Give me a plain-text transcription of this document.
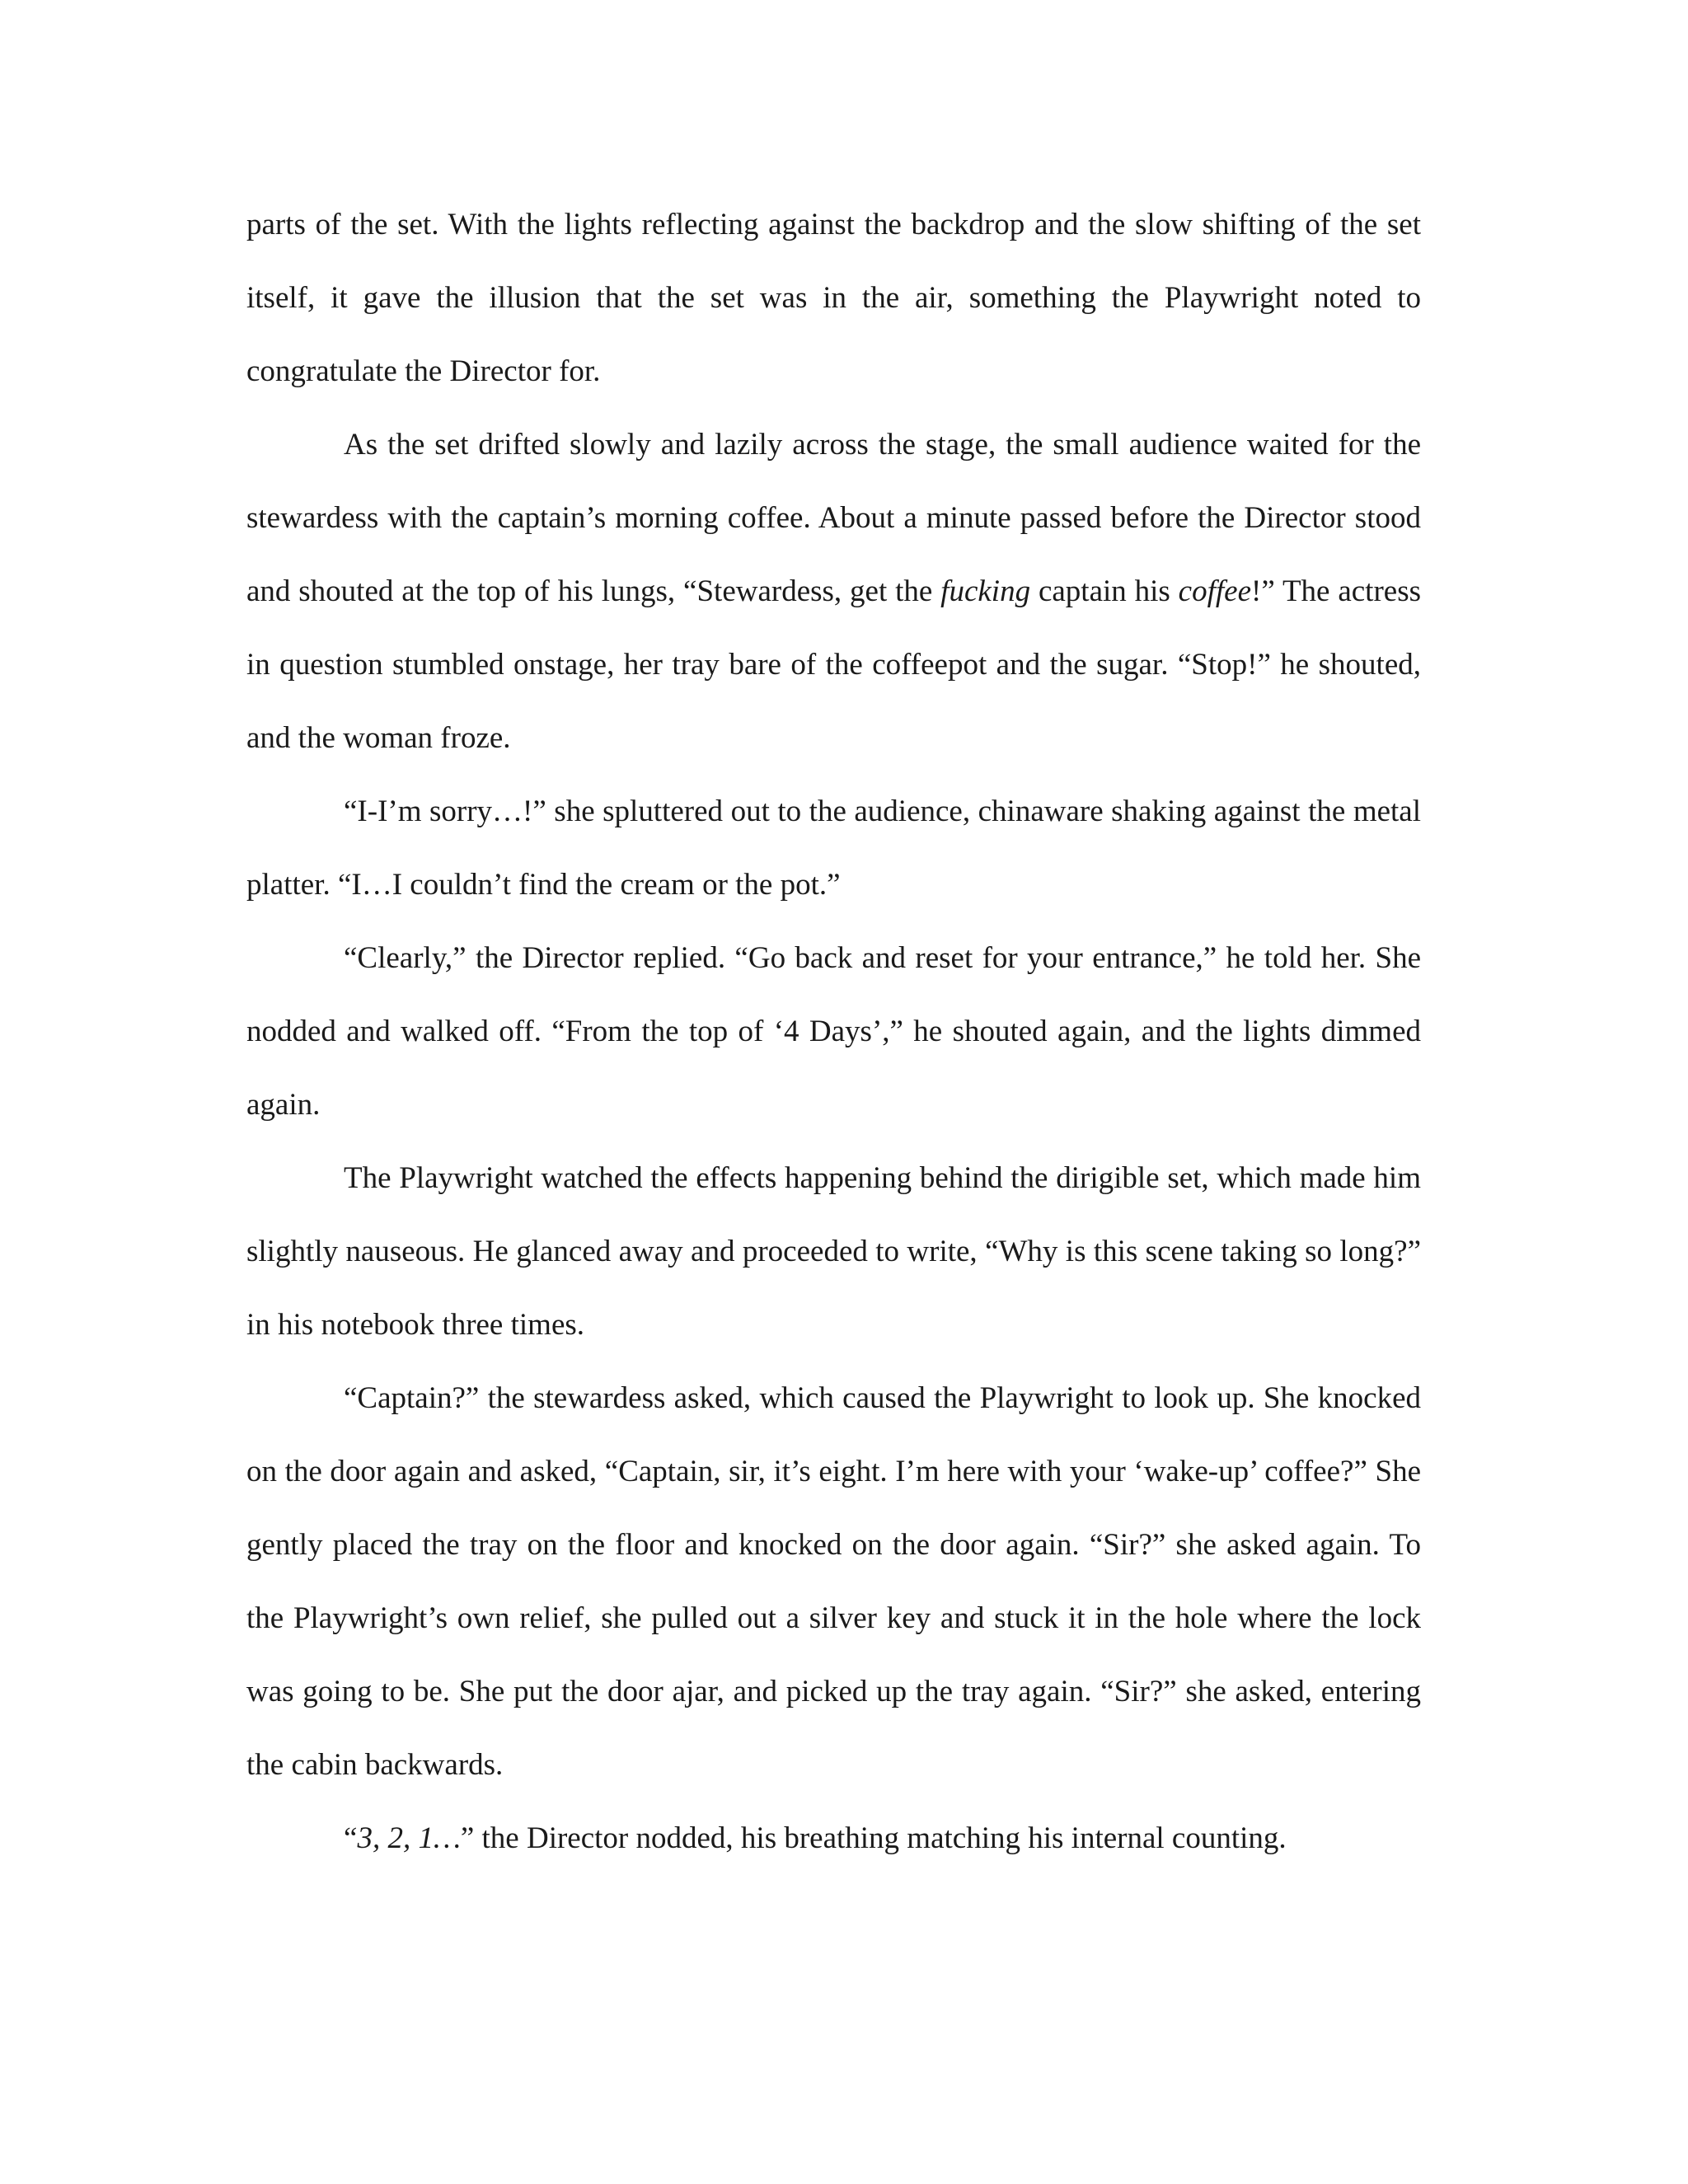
parts of the set. With the lights reflecting against the backdrop and the slow shifting of the set itself, it gave the illusion that the set was in the air, something the Playwright noted to congratulate the Director for.

As the set drifted slowly and lazily across the stage, the small audience waited for the stewardess with the captain’s morning coffee. About a minute passed before the Director stood and shouted at the top of his lungs, “Stewardess, get the fucking captain his coffee!” The actress in question stumbled onstage, her tray bare of the coffeepot and the sugar. “Stop!” he shouted, and the woman froze.

“I-I’m sorry…!” she spluttered out to the audience, chinaware shaking against the metal platter. “I…I couldn’t find the cream or the pot.”

“Clearly,” the Director replied. “Go back and reset for your entrance,” he told her. She nodded and walked off. “From the top of ‘4 Days’,” he shouted again, and the lights dimmed again.

The Playwright watched the effects happening behind the dirigible set, which made him slightly nauseous. He glanced away and proceeded to write, “Why is this scene taking so long?” in his notebook three times.

“Captain?” the stewardess asked, which caused the Playwright to look up. She knocked on the door again and asked, “Captain, sir, it’s eight. I’m here with your ‘wake-up’ coffee?” She gently placed the tray on the floor and knocked on the door again. “Sir?” she asked again. To the Playwright’s own relief, she pulled out a silver key and stuck it in the hole where the lock was going to be. She put the door ajar, and picked up the tray again. “Sir?” she asked, entering the cabin backwards.

“3, 2, 1…” the Director nodded, his breathing matching his internal counting.
